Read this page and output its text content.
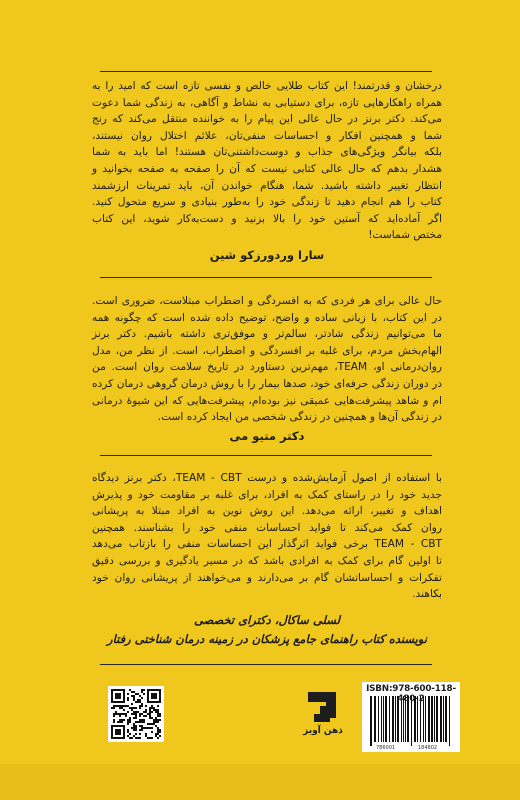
درخشان و قدرتمند! این کتاب طلایی خالص و نفسی تازه است که امید را به

همراه راهکارهایی تازه، برای دستیابی به نشاط و آگاهی، به زندگی شما دعوت

می‌کند. دکتر برنز در حال عالی این پیام را به خواننده منتقل می‌کند که رنج

شما و همچنین افکار و احساسات منفی‌تان، علائم اختلال روان نیستند،

بلکه بیانگر ویژگی‌های جذاب و دوست‌داشتنی‌تان هستند! اما باید به شما

هشدار بدهم که حال عالی کتابی نیست که آن را صفحه به صفحه بخوانید و

انتظار تغییر داشته باشید. شما، هنگام خواندن آن، باید تمرینات ارزشمند

کتاب را هم انجام دهید تا زندگی خود را به‌طور بنیادی و سریع متحول کنید.

اگر آماده‌اید که آستین خود را بالا بزنید و دست‌به‌کار شوید، این کتاب

مختص شماست!

سارا وردورزکو شین

حال عالی برای هر فردی که به افسردگی و اضطراب مبتلاست، ضروری است.

در این کتاب، با زبانی ساده و واضح، توضیح داده شده است که چگونه همه

ما می‌توانیم زندگی شادتر، سالم‌تر و موفق‌تری داشته باشیم. دکتر برنز

الهام‌بخش مردم، برای غلبه بر افسردگی و اضطراب، است. از نظر من، مدل

روان‌درمانی او، TEAM، مهم‌ترین دستاورد در تاریخ سلامت روان است. من

در دوران زندگی حرفه‌ای خود، صدها بیمار را با روش درمان گروهی درمان کرده

ام و شاهد پیشرفت‌هایی عمیقی نیز بوده‌ام، پیشرفت‌هایی که این شیوهٔ درمانی

در زندگی آن‌ها و همچنین در زندگی شخصی من ایجاد کرده است.

دکتر متیو می

با استفاده از اصول آزمایش‌شده و درست TEAM - CBT، دکتر برنز دیدگاه

جدید خود را در راستای کمک به افراد، برای غلبه بر مقاومت خود و پذیرش

اهداف و تغییر، ارائه می‌دهد. این روش نوین به افراد مبتلا به پریشانی

روان کمک می‌کند تا فواید احساسات منفی خود را بشناسند. همچنین

TEAM - CBT برخی فواید اثرگذار این احساسات منفی را بازتاب می‌دهد

تا اولین گام برای کمک به افرادی باشد که در مسیر یادگیری و بررسی دقیق

تفکرات و احساساتشان گام بر می‌دارند و می‌خواهند از پریشانی روان خود

بکاهند.

لسلی ساکال، دکترای تخصصی

نویسنده کتاب راهنمای جامع پزشکان در زمینه درمان شناختی رفتار

ذهن آویز
ISBN:978-600-118-480-2
786001	184802
